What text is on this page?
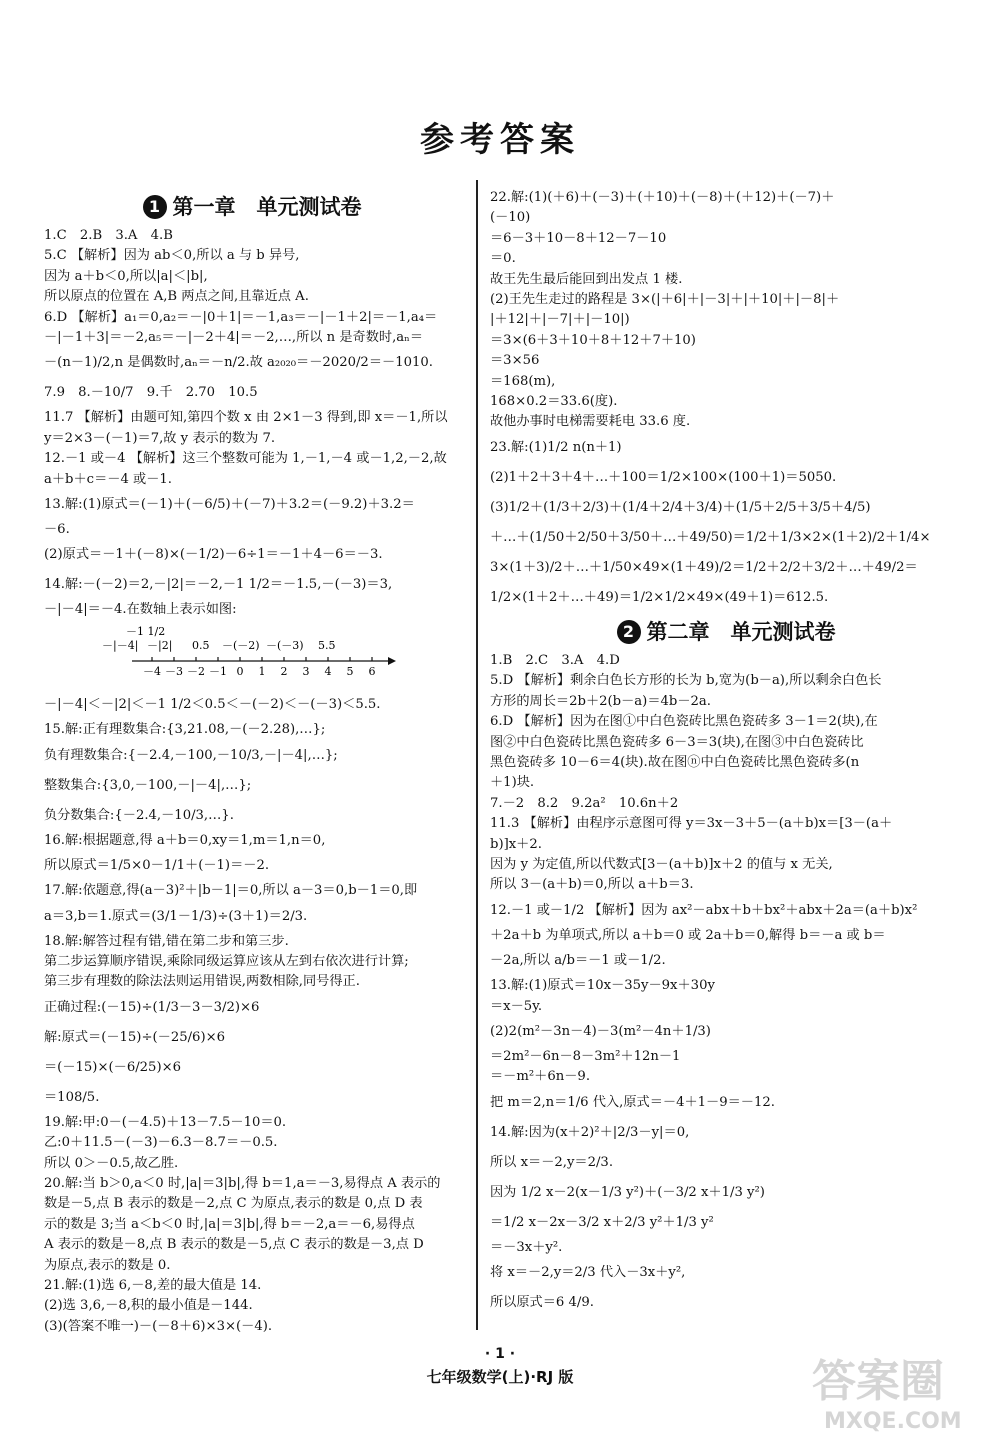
参考答案
1 第一章　单元测试卷
1.C　2.B　3.A　4.B
5.C 【解析】因为 ab＜0,所以 a 与 b 异号,
因为 a＋b＜0,所以|a|＜|b|,
所以原点的位置在 A,B 两点之间,且靠近点 A.
6.D 【解析】a₁＝0,a₂＝－|0＋1|＝－1,a₃＝－|－1＋2|＝－1,a₄＝
－|－1＋3|＝－2,a₅＝－|－2＋4|＝－2,…,所以 n 是奇数时,aₙ＝
－(n－1)/2,n 是偶数时,aₙ＝－n/2.故 a₂₀₂₀＝－2020/2＝－1010.
7.9　8.－10/7　9.千　2.70　10.5
11.7 【解析】由题可知,第四个数 x 由 2×1－3 得到,即 x＝－1,所以
y＝2×3－(－1)＝7,故 y 表示的数为 7.
12.－1 或－4 【解析】这三个整数可能为 1,－1,－4 或－1,2,－2,故
a＋b＋c＝－4 或－1.
13.解:(1)原式＝(－1)＋(－6/5)＋(－7)＋3.2＝(－9.2)＋3.2＝
－6.
(2)原式＝－1＋(－8)×(－1/2)－6÷1＝－1＋4－6＝－3.
14.解:－(－2)＝2,－|2|＝－2,－1 1/2＝－1.5,－(－3)＝3,
－|－4|＝－4.在数轴上表示如图:
－1 1/2
－|－4| －|2| 0.5 －(－2) －(－3) 5.5
－4 －3 －2 －1 0 1 2 3 4 5 6
－|－4|＜－|2|＜－1 1/2＜0.5＜－(－2)＜－(－3)＜5.5.
15.解:正有理数集合:{3,21.08,－(－2.28),…};
负有理数集合:{－2.4,－100,－10/3,－|－4|,…};
整数集合:{3,0,－100,－|－4|,…};
负分数集合:{－2.4,－10/3,…}.
16.解:根据题意,得 a＋b＝0,xy＝1,m＝1,n＝0,
所以原式＝1/5×0－1/1＋(－1)＝－2.
17.解:依题意,得(a－3)²＋|b－1|＝0,所以 a－3＝0,b－1＝0,即
a＝3,b＝1.原式＝(3/1－1/3)÷(3＋1)＝2/3.
18.解:解答过程有错,错在第二步和第三步.
第二步运算顺序错误,乘除同级运算应该从左到右依次进行计算;
第三步有理数的除法法则运用错误,两数相除,同号得正.
正确过程:(－15)÷(1/3－3－3/2)×6
解:原式＝(－15)÷(－25/6)×6
＝(－15)×(－6/25)×6
＝108/5.
19.解:甲:0－(－4.5)＋13－7.5－10＝0.
乙:0＋11.5－(－3)－6.3－8.7＝－0.5.
所以 0＞－0.5,故乙胜.
20.解:当 b＞0,a＜0 时,|a|＝3|b|,得 b＝1,a＝－3,易得点 A 表示的
数是－5,点 B 表示的数是－2,点 C 为原点,表示的数是 0,点 D 表
示的数是 3;当 a＜b＜0 时,|a|＝3|b|,得 b＝－2,a＝－6,易得点
A 表示的数是－8,点 B 表示的数是－5,点 C 表示的数是－3,点 D
为原点,表示的数是 0.
21.解:(1)选 6,－8,差的最大值是 14.
(2)选 3,6,－8,积的最小值是－144.
(3)(答案不唯一)－(－8＋6)×3×(－4).
22.解:(1)(＋6)＋(－3)＋(＋10)＋(－8)＋(＋12)＋(－7)＋
(－10)
＝6－3＋10－8＋12－7－10
＝0.
故王先生最后能回到出发点 1 楼.
(2)王先生走过的路程是 3×(|＋6|＋|－3|＋|＋10|＋|－8|＋
|＋12|＋|－7|＋|－10|)
＝3×(6＋3＋10＋8＋12＋7＋10)
＝3×56
＝168(m),
168×0.2＝33.6(度).
故他办事时电梯需要耗电 33.6 度.
23.解:(1)1/2 n(n＋1)
(2)1＋2＋3＋4＋…＋100＝1/2×100×(100＋1)＝5050.
(3)1/2＋(1/3＋2/3)＋(1/4＋2/4＋3/4)＋(1/5＋2/5＋3/5＋4/5)
＋…＋(1/50＋2/50＋3/50＋…＋49/50)＝1/2＋1/3×2×(1＋2)/2＋1/4×
3×(1＋3)/2＋…＋1/50×49×(1＋49)/2＝1/2＋2/2＋3/2＋…＋49/2＝
1/2×(1＋2＋…＋49)＝1/2×1/2×49×(49＋1)＝612.5.
2 第二章　单元测试卷
1.B　2.C　3.A　4.D
5.D 【解析】剩余白色长方形的长为 b,宽为(b－a),所以剩余白色长
方形的周长＝2b＋2(b－a)＝4b－2a.
6.D 【解析】因为在图①中白色瓷砖比黑色瓷砖多 3－1＝2(块),在
图②中白色瓷砖比黑色瓷砖多 6－3＝3(块),在图③中白色瓷砖比
黑色瓷砖多 10－6＝4(块).故在图ⓝ中白色瓷砖比黑色瓷砖多(n
＋1)块.
7.－2　8.2　9.2a²　10.6n＋2
11.3 【解析】由程序示意图可得 y＝3x－3＋5－(a＋b)x＝[3－(a＋
b)]x＋2.
因为 y 为定值,所以代数式[3－(a＋b)]x＋2 的值与 x 无关,
所以 3－(a＋b)＝0,所以 a＋b＝3.
12.－1 或－1/2 【解析】因为 ax²－abx＋b＋bx²＋abx＋2a＝(a＋b)x²
＋2a＋b 为单项式,所以 a＋b＝0 或 2a＋b＝0,解得 b＝－a 或 b＝
－2a,所以 a/b＝－1 或－1/2.
13.解:(1)原式＝10x－35y－9x＋30y
＝x－5y.
(2)2(m²－3n－4)－3(m²－4n＋1/3)
＝2m²－6n－8－3m²＋12n－1
＝－m²＋6n－9.
把 m＝2,n＝1/6 代入,原式＝－4＋1－9＝－12.
14.解:因为(x＋2)²＋|2/3－y|＝0,
所以 x＝－2,y＝2/3.
因为 1/2 x－2(x－1/3 y²)＋(－3/2 x＋1/3 y²)
＝1/2 x－2x－3/2 x＋2/3 y²＋1/3 y²
＝－3x＋y².
将 x＝－2,y＝2/3 代入－3x＋y²,
所以原式＝6 4/9.
· 1 ·
七年级数学(上)·RJ 版	答案圈
MXQE.COM
